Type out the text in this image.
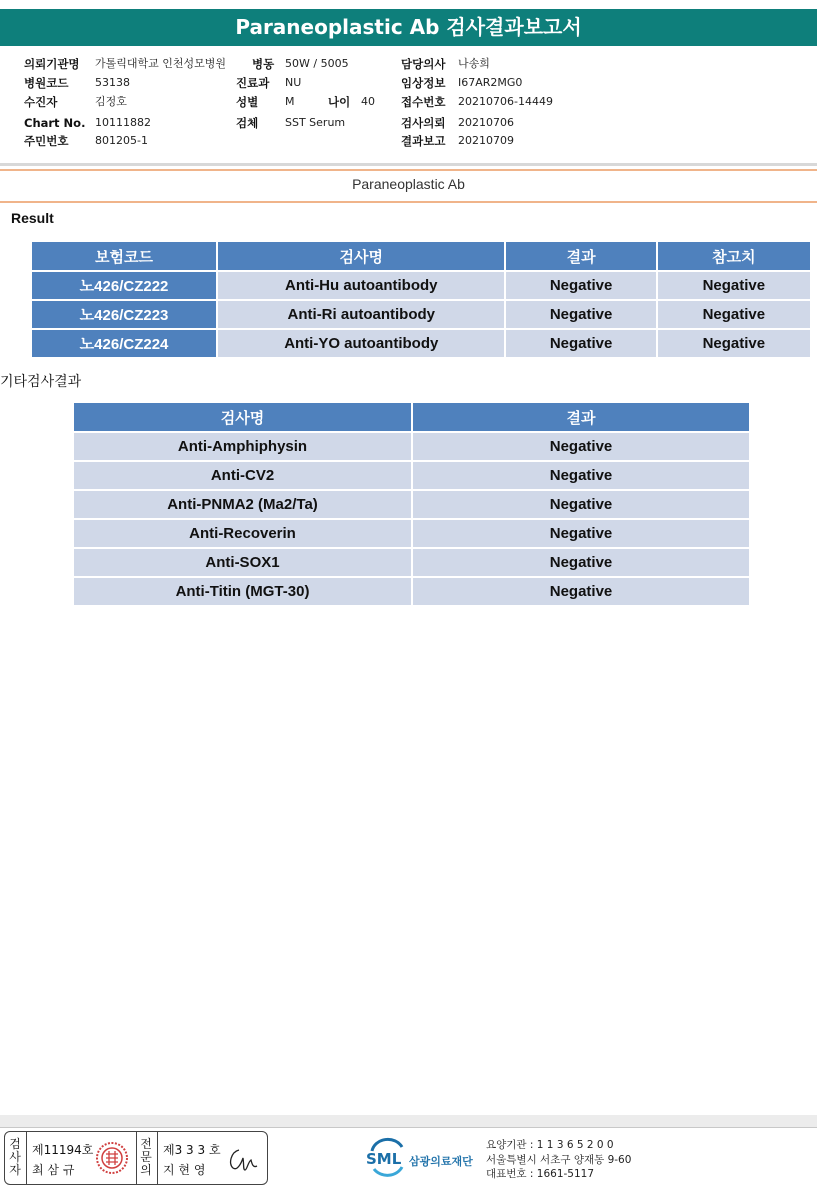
Paraneoplastic Ab 검사결과보고서
의뢰기관명 가톨릭대학교 인천성모병원 병동 50W / 5005	담당의사 나송희
병원코드 53138	진료과 NU	임상정보 I67AR2MG0
수진자	김정호	성별 M	나이 40 접수번호 20210706-14449
Chart No. 10111882	검체 SST Serum	검사의뢰 20210706
주민번호 801205-1	결과보고 20210709
Paraneoplastic Ab
Result
보험코드	검사명	결과	참고치
노426/CZ222	Anti-Hu autoantibody	Negative	Negative
노426/CZ223	Anti-Ri autoantibody	Negative	Negative
노426/CZ224	Anti-YO autoantibody	Negative	Negative
기타검사결과
검사명	결과
Anti-Amphiphysin	Negative
Anti-CV2	Negative
Anti-PNMA2 (Ma2/Ta)	Negative
Anti-Recoverin	Negative
Anti-SOX1	Negative
Anti-Titin (MGT-30)	Negative
검
사
자
제11194호
최 삼 규
전
문
의
제3 3 3 호
지 현 영
SML 삼광의료재단
요양기관 : 1 1 3 6 5 2 0 0
서울특별시 서초구 양재동 9-60
대표번호 : 1661-5117
